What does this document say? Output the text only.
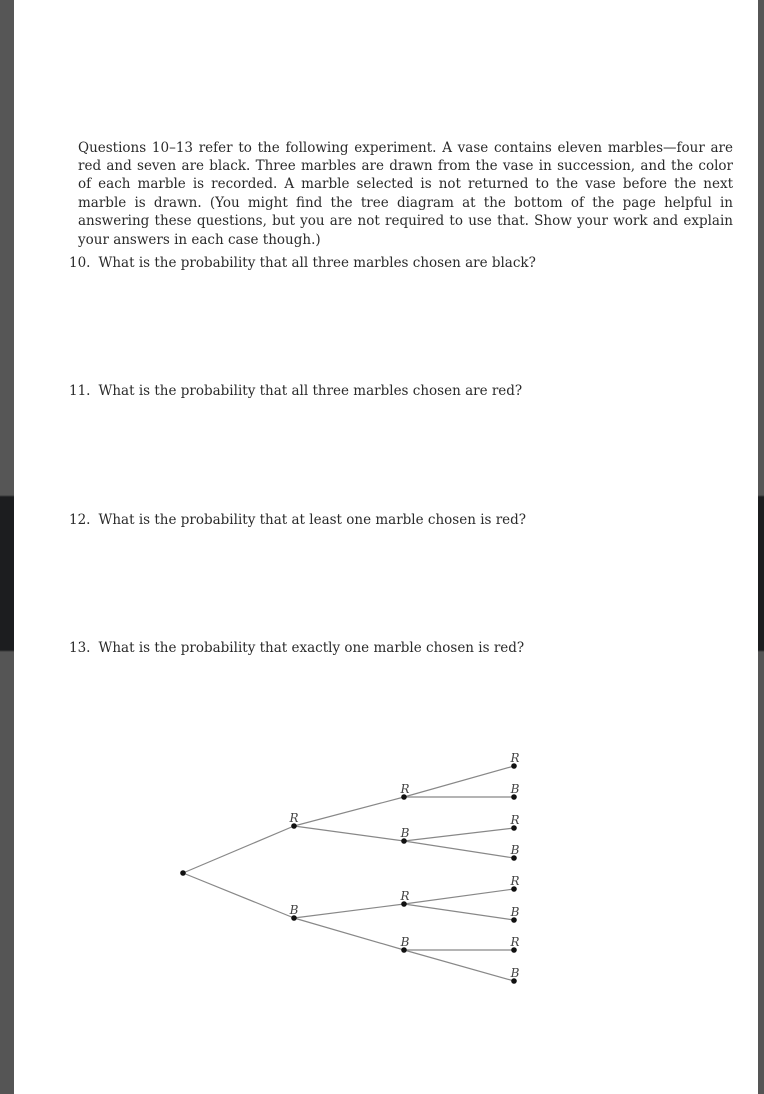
Questions 10–13 refer to the following experiment. A vase contains eleven marbles—four are red and seven are black. Three marbles are drawn from the vase in succession, and the color of each marble is recorded. A marble selected is not returned to the vase before the next marble is drawn. (You might find the tree diagram at the bottom of the page helpful in answering these questions, but you are not required to use that. Show your work and explain your answers in each case though.)

10. What is the probability that all three marbles chosen are black?
11. What is the probability that all three marbles chosen are red?
12. What is the probability that at least one marble chosen is red?
13. What is the probability that exactly one marble chosen is red?
R
B
R
B
R
B
R
B
R
B
R
B
R
B
